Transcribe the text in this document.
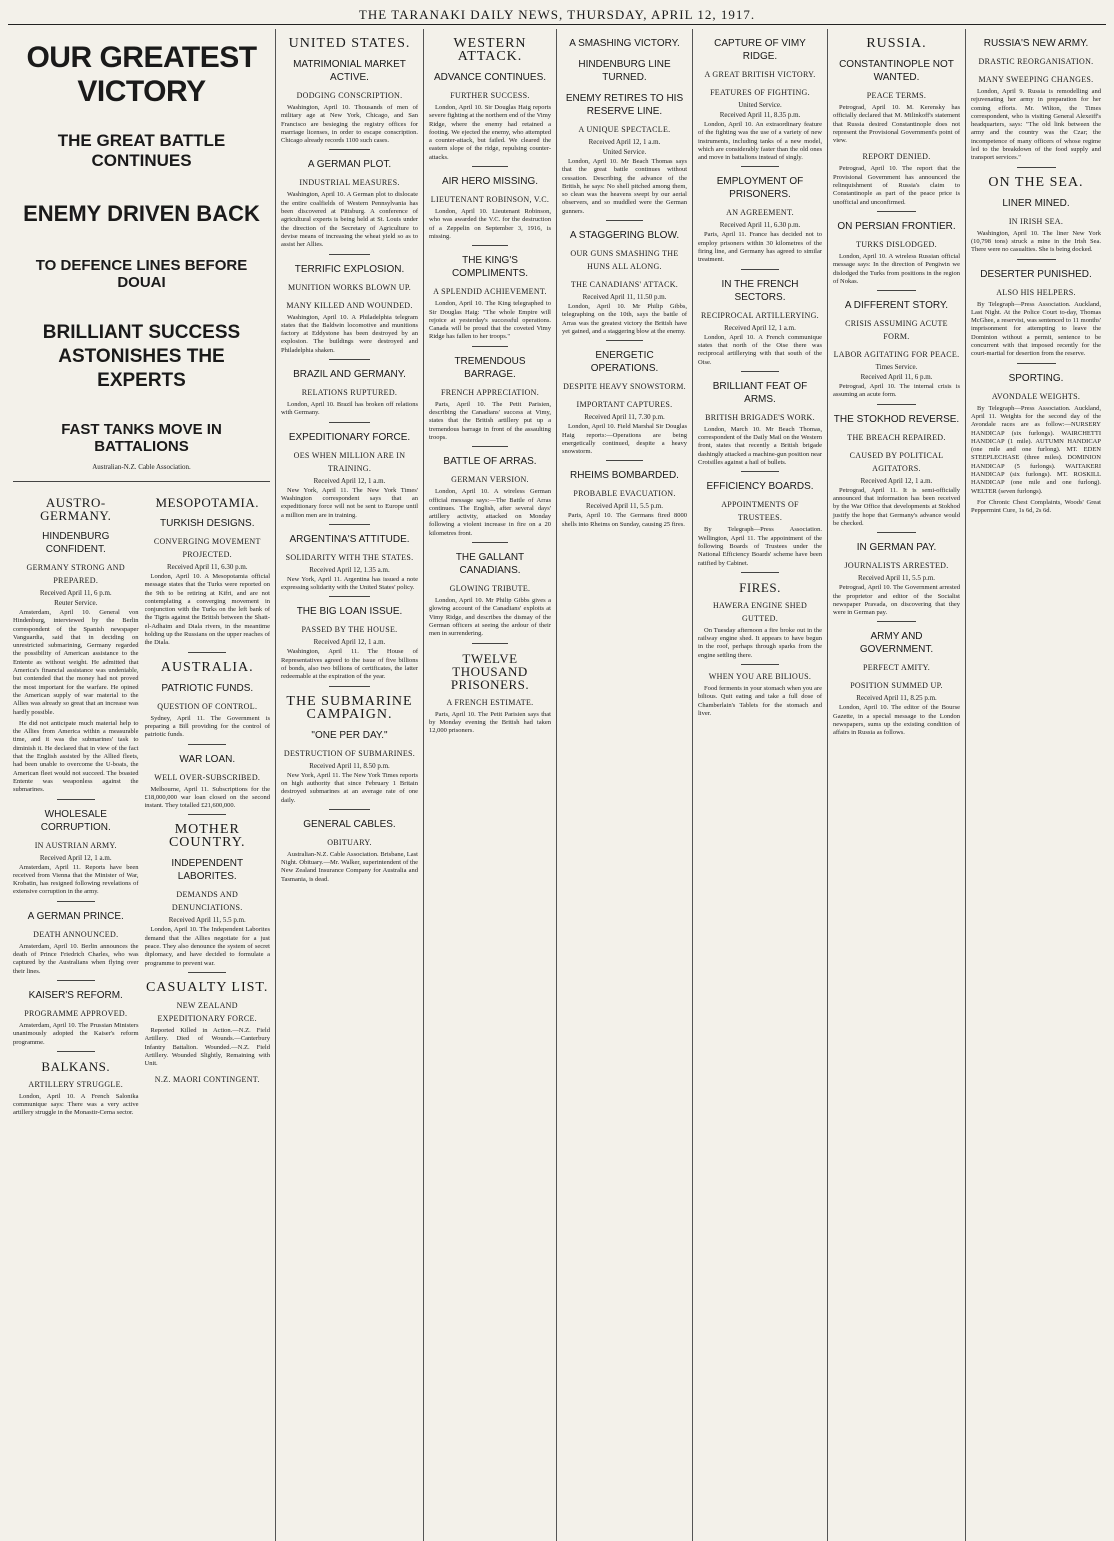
THE TARANAKI DAILY NEWS, THURSDAY, APRIL 12, 1917.
OUR GREATEST VICTORY
THE GREAT BATTLE CONTINUES
ENEMY DRIVEN BACK
TO DEFENCE LINES BEFORE DOUAI
BRILLIANT SUCCESS ASTONISHES THE EXPERTS
FAST TANKS MOVE IN BATTALIONS
Australian-N.Z. Cable Association.
AUSTRO-GERMANY.
HINDENBURG CONFIDENT.
GERMANY STRONG AND PREPARED.
Received April 11, 6 p.m.
Reuter Service.

Amsterdam, April 10. General von Hindenburg, interviewed by the Berlin correspondent of the Spanish newspaper Vanguardia, said that in deciding on unrestricted submarining, Germany regarded the possibility of American assistance to the Entente as without weight. He admitted that America's financial assistance was undeniable, but contended that the money had not proved the most important for the warfare. He opined the American supply of war material to the Allies was already so great that an increase was hardly possible.

He did not anticipate much material help to the Allies from America within a measurable time, and it was the submarines' task to diminish it. He declared that in view of the fact that the English assisted by the Allied fleets, had been unable to overcome the U-boats, the American fleet would not succeed. The boasted Entente was weaponless against the submarines.

WHOLESALE CORRUPTION.
IN AUSTRIAN ARMY.
Received April 12, 1 a.m.

Amsterdam, April 11. Reports have been received from Vienna that the Minister of War, Krobatin, has resigned following revelations of extensive corruption in the army.

A GERMAN PRINCE.
DEATH ANNOUNCED.

Amsterdam, April 10. Berlin announces the death of Prince Friedrich Charles, who was captured by the Australians when flying over their lines.

KAISER'S REFORM.
PROGRAMME APPROVED.

Amsterdam, April 10. The Prussian Ministers unanimously adopted the Kaiser's reform programme.

BALKANS.
ARTILLERY STRUGGLE.

London, April 10. A French Salonika communique says: There was a very active artillery struggle in the Monastir-Cerna sector.

MESOPOTAMIA.
TURKISH DESIGNS.
CONVERGING MOVEMENT PROJECTED.
Received April 11, 6.30 p.m.

London, April 10. A Mesopotamia official message states that the Turks were reported on the 9th to be retiring at Kifri, and are not contemplating a converging movement in conjunction with the Turks on the left bank of the Tigris against the British between the Shatt-el-Adhaim and Diala rivers, in the meantime holding up the Russians on the upper reaches of the Diala.

AUSTRALIA.
PATRIOTIC FUNDS.
QUESTION OF CONTROL.

Sydney, April 11. The Government is preparing a Bill providing for the control of patriotic funds.

WAR LOAN.
WELL OVER-SUBSCRIBED.

Melbourne, April 11. Subscriptions for the £18,000,000 war loan closed on the second instant. They totalled £21,600,000.

MOTHER COUNTRY.
INDEPENDENT LABORITES.
DEMANDS AND DENUNCIATIONS.
Received April 11, 5.5 p.m.

London, April 10. The Independent Laborites demand that the Allies negotiate for a just peace. They also denounce the system of secret diplomacy, and have decided to formulate a programme to prevent war.

CASUALTY LIST.
NEW ZEALAND EXPEDITIONARY FORCE.

Reported Killed in Action.—N.Z. Field Artillery. Died of Wounds.—Canterbury Infantry Battalion. Wounded.—N.Z. Field Artillery. Wounded Slightly, Remaining with Unit.

N.Z. MAORI CONTINGENT.
UNITED STATES.
MATRIMONIAL MARKET ACTIVE.
DODGING CONSCRIPTION.

Washington, April 10. Thousands of men of military age at New York, Chicago, and San Francisco are besieging the registry offices for marriage licenses, in order to escape conscription. Chicago already records 1100 such cases.

A GERMAN PLOT.
INDUSTRIAL MEASURES.

Washington, April 10. A German plot to dislocate the entire coalfields of Western Pennsylvania has been discovered at Pittsburg. A conference of agricultural experts is being held at St. Louis under the direction of the Secretary of Agriculture to devise means of increasing the wheat yield so as to assist her Allies.

TERRIFIC EXPLOSION.
MUNITION WORKS BLOWN UP.
MANY KILLED AND WOUNDED.

Washington, April 10. A Philadelphia telegram states that the Baldwin locomotive and munitions factory at Eddystone has been destroyed by an explosion. The buildings were destroyed and Philadelphia shaken.

BRAZIL AND GERMANY.
RELATIONS RUPTURED.

London, April 10. Brazil has broken off relations with Germany.

EXPEDITIONARY FORCE.
OES WHEN MILLION ARE IN TRAINING.
Received April 12, 1 a.m.

New York, April 11. The New York Times' Washington correspondent says that an expeditionary force will not be sent to Europe until a million men are in training.

ARGENTINA'S ATTITUDE.
SOLIDARITY WITH THE STATES.
Received April 12, 1.35 a.m.

New York, April 11. Argentina has issued a note expressing solidarity with the United States' policy.

THE BIG LOAN ISSUE.
PASSED BY THE HOUSE.
Received April 12, 1 a.m.

Washington, April 11. The House of Representatives agreed to the issue of five billions of bonds, also two billions of certificates, the latter redeemable at the expiration of the year.

THE SUBMARINE CAMPAIGN.
"ONE PER DAY."
DESTRUCTION OF SUBMARINES.
Received April 11, 8.50 p.m.

New York, April 11. The New York Times reports on high authority that since February 1 Britain destroyed submarines at an average rate of one daily.

GENERAL CABLES.
OBITUARY.

Australian-N.Z. Cable Association. Brisbane, Last Night. Obituary.—Mr. Walker, superintendent of the New Zealand Insurance Company for Australia and Tasmania, is dead.

WESTERN ATTACK.
ADVANCE CONTINUES.
FURTHER SUCCESS.

London, April 10. Sir Douglas Haig reports severe fighting at the northern end of the Vimy Ridge, where the enemy had retained a footing. We ejected the enemy, who attempted a counter-attack, but failed. We cleared the eastern slope of the ridge, repulsing counter-attacks.

AIR HERO MISSING.
LIEUTENANT ROBINSON, V.C.

London, April 10. Lieutenant Robinson, who was awarded the V.C. for the destruction of a Zeppelin on September 3, 1916, is missing.

THE KING'S COMPLIMENTS.
A SPLENDID ACHIEVEMENT.

London, April 10. The King telegraphed to Sir Douglas Haig: "The whole Empire will rejoice at yesterday's successful operations. Canada will be proud that the coveted Vimy Ridge has fallen to her troops."

TREMENDOUS BARRAGE.
FRENCH APPRECIATION.

Paris, April 10. The Petit Parisien, describing the Canadians' success at Vimy, states that the British artillery put up a tremendous barrage in front of the assaulting troops.

BATTLE OF ARRAS.
GERMAN VERSION.

London, April 10. A wireless German official message says:—The Battle of Arras continues. The English, after several days' artillery activity, attacked on Monday following a violent increase in fire on a 20 kilometres front.

THE GALLANT CANADIANS.
GLOWING TRIBUTE.

London, April 10. Mr Philip Gibbs gives a glowing account of the Canadians' exploits at Vimy Ridge, and describes the dismay of the German officers at seeing the ardour of their men in surrendering.

TWELVE THOUSAND PRISONERS.
A FRENCH ESTIMATE.

Paris, April 10. The Petit Parisien says that by Monday evening the British had taken 12,000 prisoners.

A SMASHING VICTORY.
HINDENBURG LINE TURNED.
ENEMY RETIRES TO HIS RESERVE LINE.
A UNIQUE SPECTACLE.
Received April 12, 1 a.m.
United Service.

London, April 10. Mr Beach Thomas says that the great battle continues without cessation. Describing the advance of the British, he says: No shell pitched among them, so clean was the heavens swept by our aerial observers, and so muddled were the German gunners.

A STAGGERING BLOW.
OUR GUNS SMASHING THE HUNS ALL ALONG.
THE CANADIANS' ATTACK.
Received April 11, 11.50 p.m.

London, April 10. Mr Philip Gibbs, telegraphing on the 10th, says the battle of Arras was the greatest victory the British have yet gained, and a staggering blow at the enemy.

ENERGETIC OPERATIONS.
DESPITE HEAVY SNOWSTORM.
IMPORTANT CAPTURES.
Received April 11, 7.30 p.m.

London, April 10. Field Marshal Sir Douglas Haig reports:—Operations are being energetically continued, despite a heavy snowstorm.

RHEIMS BOMBARDED.
PROBABLE EVACUATION.
Received April 11, 5.5 p.m.

Paris, April 10. The Germans fired 8000 shells into Rheims on Sunday, causing 25 fires.

CAPTURE OF VIMY RIDGE.
A GREAT BRITISH VICTORY.
FEATURES OF FIGHTING.
United Service.
Received April 11, 8.35 p.m.

London, April 10. An extraordinary feature of the fighting was the use of a variety of new instruments, including tanks of a new model, which are considerably faster than the old ones and move in battalions instead of singly.

EMPLOYMENT OF PRISONERS.
AN AGREEMENT.
Received April 11, 6.30 p.m.

Paris, April 11. France has decided not to employ prisoners within 30 kilometres of the firing line, and Germany has agreed to similar treatment.

IN THE FRENCH SECTORS.
RECIPROCAL ARTILLERYING.
Received April 12, 1 a.m.

London, April 10. A French communique states that north of the Oise there was reciprocal artillerying with that south of the Oise.

BRILLIANT FEAT OF ARMS.
BRITISH BRIGADE'S WORK.

London, March 10. Mr Beach Thomas, correspondent of the Daily Mail on the Western front, states that recently a British brigade dashingly attacked a machine-gun position near Croisilles against a hail of bullets.

EFFICIENCY BOARDS.
APPOINTMENTS OF TRUSTEES.

By Telegraph—Press Association. Wellington, April 11. The appointment of the following Boards of Trustees under the National Efficiency Boards' scheme have been ratified by Cabinet.

FIRES.
HAWERA ENGINE SHED GUTTED.

On Tuesday afternoon a fire broke out in the railway engine shed. It appears to have begun in the roof, perhaps through sparks from the engine settling there.

WHEN YOU ARE BILIOUS.

Food ferments in your stomach when you are bilious. Quit eating and take a full dose of Chamberlain's Tablets for the stomach and liver.

RUSSIA.
CONSTANTINOPLE NOT WANTED.
PEACE TERMS.

Petrograd, April 10. M. Kerensky has officially declared that M. Milinkoff's statement that Russia desired Constantinople does not represent the Provisional Government's point of view.

REPORT DENIED.

Petrograd, April 10. The report that the Provisional Government has announced the relinquishment of Russia's claim to Constantinople as part of the peace price is unofficial and unconfirmed.

ON PERSIAN FRONTIER.
TURKS DISLODGED.

London, April 10. A wireless Russian official message says: In the direction of Pengiwin we dislodged the Turks from positions in the region of Nokas.

A DIFFERENT STORY.
CRISIS ASSUMING ACUTE FORM.
LABOR AGITATING FOR PEACE.
Times Service.
Received April 11, 6 p.m.

Petrograd, April 10. The internal crisis is assuming an acute form.

THE STOKHOD REVERSE.
THE BREACH REPAIRED.
CAUSED BY POLITICAL AGITATORS.
Received April 12, 1 a.m.

Petrograd, April 11. It is semi-officially announced that information has been received by the War Office that developments at Stokhod justify the hope that Germany's advance would be checked.

IN GERMAN PAY.
JOURNALISTS ARRESTED.
Received April 11, 5.5 p.m.

Petrograd, April 10. The Government arrested the proprietor and editor of the Socialist newspaper Pravada, on discovering that they were in German pay.

ARMY AND GOVERNMENT.
PERFECT AMITY.
POSITION SUMMED UP.
Received April 11, 8.25 p.m.

London, April 10. The editor of the Bourse Gazette, in a special message to the London newspapers, sums up the existing condition of affairs in Russia as follows.

RUSSIA'S NEW ARMY.
DRASTIC REORGANISATION.
MANY SWEEPING CHANGES.

London, April 9. Russia is remodelling and rejuvenating her army in preparation for her coming efforts. Mr. Wilton, the Times correspondent, who is visiting General Alexeiff's headquarters, says: "The old link between the army and the country was the Czar; the incompetence of many officers of whose regime led to the breakdown of the food supply and transport services."

ON THE SEA.
LINER MINED.
IN IRISH SEA.

Washington, April 10. The liner New York (10,798 tons) struck a mine in the Irish Sea. There were no casualties. She is being docked.

DESERTER PUNISHED.
ALSO HIS HELPERS.

By Telegraph—Press Association. Auckland, Last Night. At the Police Court to-day, Thomas McGhee, a reservist, was sentenced to 11 months' imprisonment for attempting to leave the Dominion without a permit, sentence to be concurrent with that imposed recently for the court-martial for desertion from the reserve.

SPORTING.
AVONDALE WEIGHTS.

By Telegraph—Press Association. Auckland, April 11. Weights for the second day of the Avondale races are as follow:—NURSERY HANDICAP (six furlongs). WAIRCHETTI HANDICAP (1 mile). AUTUMN HANDICAP (one mile and one furlong). MT. EDEN STEEPLECHASE (three miles). DOMINION HANDICAP (5 furlongs). WAITAKERI HANDICAP (six furlongs). MT. ROSKILL HANDICAP (one mile and one furlong). WELTER (seven furlongs).

For Chronic Chest Complaints, Woods' Great Peppermint Cure, 1s 6d, 2s 6d.
